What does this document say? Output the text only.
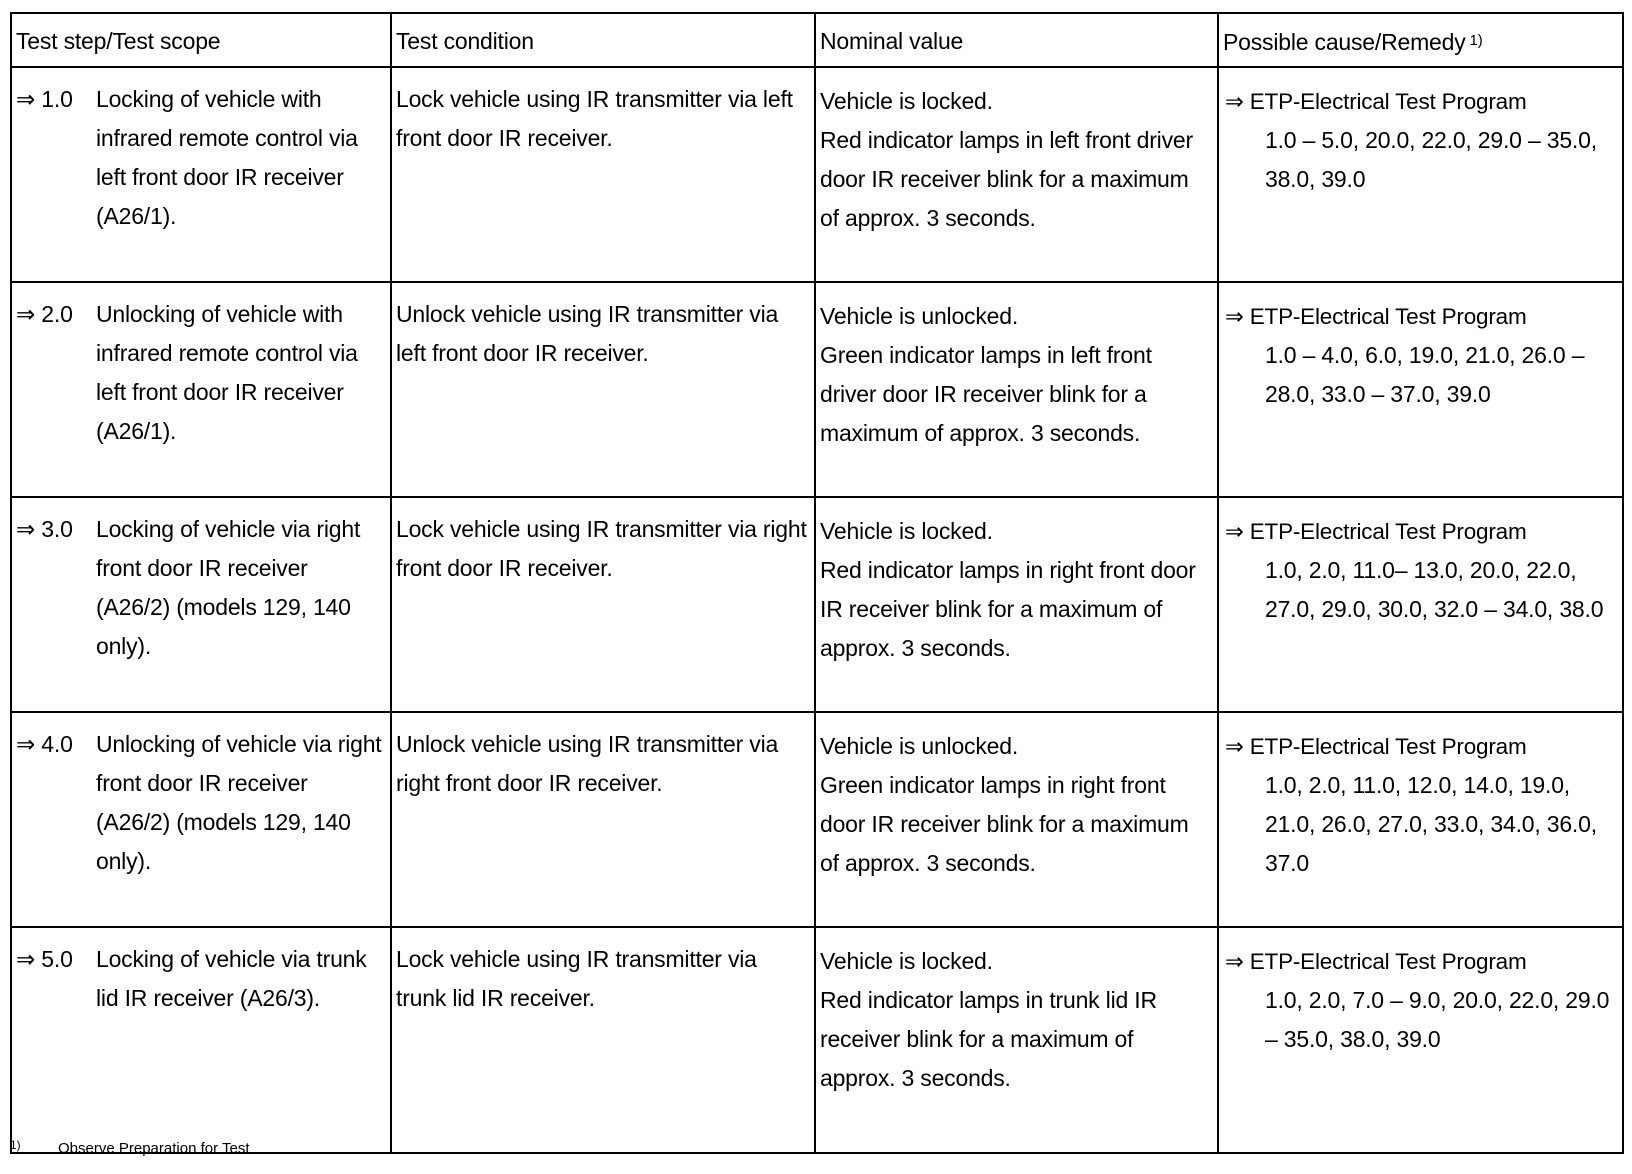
Test step/Test scope	Test condition	Nominal value	Possible cause/Remedy $^{1)}$

⇒ 1.0 Locking of vehicle with infrared remote control via left front door IR receiver (A26/1).	Lock vehicle using IR transmitter via left front door IR receiver.	Vehicle is locked.
Red indicator lamps in left front driver door IR receiver blink for a maximum of approx. 3 seconds.	⇒ ETP-Electrical Test Program
1.0 – 5.0, 20.0, 22.0, 29.0 – 35.0, 38.0, 39.0

⇒ 2.0 Unlocking of vehicle with infrared remote control via left front door IR receiver (A26/1).	Unlock vehicle using IR transmitter via left front door IR receiver.	Vehicle is unlocked.
Green indicator lamps in left front driver door IR receiver blink for a maximum of approx. 3 seconds.	⇒ ETP-Electrical Test Program
1.0 – 4.0, 6.0, 19.0, 21.0, 26.0 – 28.0, 33.0 – 37.0, 39.0

⇒ 3.0 Locking of vehicle via right front door IR receiver (A26/2) (models 129, 140 only).	Lock vehicle using IR transmitter via right front door IR receiver.	Vehicle is locked.
Red indicator lamps in right front door IR receiver blink for a maximum of approx. 3 seconds.	⇒ ETP-Electrical Test Program
1.0, 2.0, 11.0– 13.0, 20.0, 22.0, 27.0, 29.0, 30.0, 32.0 – 34.0, 38.0

⇒ 4.0 Unlocking of vehicle via right front door IR receiver (A26/2) (models 129, 140 only).	Unlock vehicle using IR transmitter via right front door IR receiver.	Vehicle is unlocked.
Green indicator lamps in right front door IR receiver blink for a maximum of approx. 3 seconds.	⇒ ETP-Electrical Test Program
1.0, 2.0, 11.0, 12.0, 14.0, 19.0, 21.0, 26.0, 27.0, 33.0, 34.0, 36.0, 37.0

⇒ 5.0 Locking of vehicle via trunk lid IR receiver (A26/3).	Lock vehicle using IR transmitter via trunk lid IR receiver.	Vehicle is locked.
Red indicator lamps in trunk lid IR receiver blink for a maximum of approx. 3 seconds.	⇒ ETP-Electrical Test Program
1.0, 2.0, 7.0 – 9.0, 20.0, 22.0, 29.0 – 35.0, 38.0, 39.0
1) Observe Preparation for Test
